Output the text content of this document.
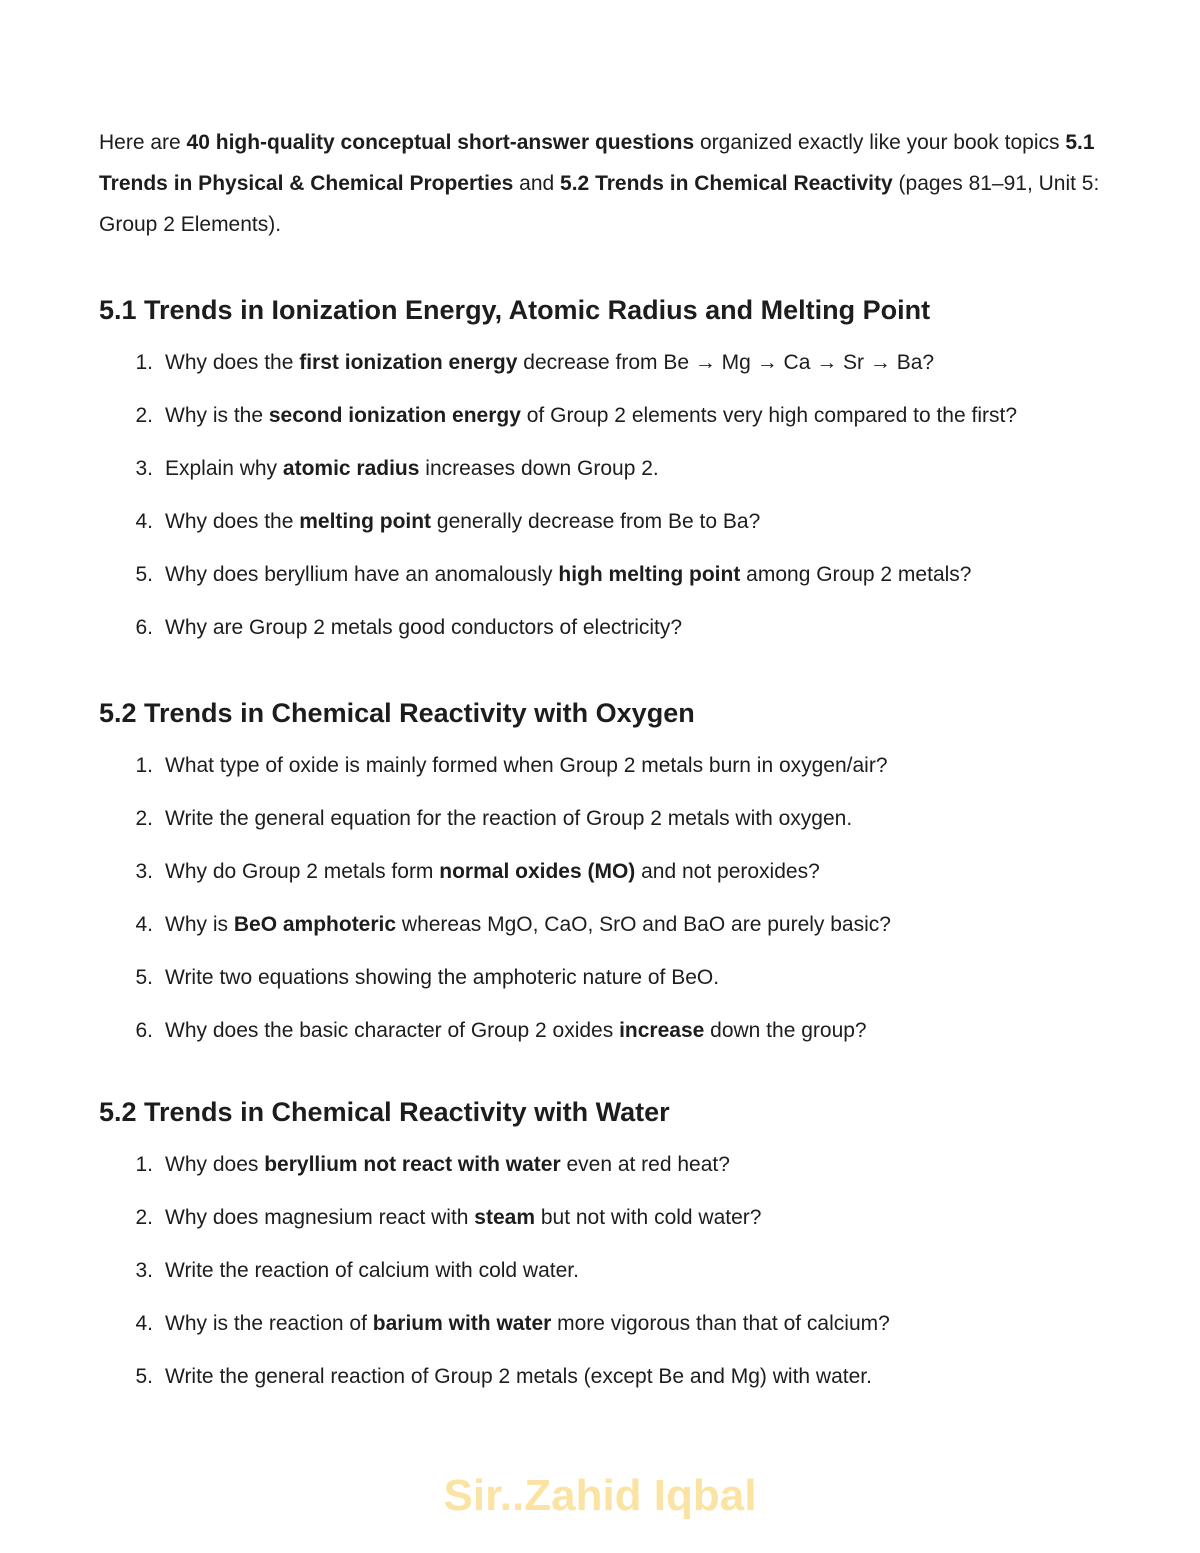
Here are 40 high-quality conceptual short-answer questions organized exactly like your book topics 5.1 Trends in Physical & Chemical Properties and 5.2 Trends in Chemical Reactivity (pages 81–91, Unit 5: Group 2 Elements).

5.1 Trends in Ionization Energy, Atomic Radius and Melting Point
1. Why does the first ionization energy decrease from Be → Mg → Ca → Sr → Ba?
2. Why is the second ionization energy of Group 2 elements very high compared to the first?
3. Explain why atomic radius increases down Group 2.
4. Why does the melting point generally decrease from Be to Ba?
5. Why does beryllium have an anomalously high melting point among Group 2 metals?
6. Why are Group 2 metals good conductors of electricity?
5.2 Trends in Chemical Reactivity with Oxygen
1. What type of oxide is mainly formed when Group 2 metals burn in oxygen/air?
2. Write the general equation for the reaction of Group 2 metals with oxygen.
3. Why do Group 2 metals form normal oxides (MO) and not peroxides?
4. Why is BeO amphoteric whereas MgO, CaO, SrO and BaO are purely basic?
5. Write two equations showing the amphoteric nature of BeO.
6. Why does the basic character of Group 2 oxides increase down the group?
5.2 Trends in Chemical Reactivity with Water
1. Why does beryllium not react with water even at red heat?
2. Why does magnesium react with steam but not with cold water?
3. Write the reaction of calcium with cold water.
4. Why is the reaction of barium with water more vigorous than that of calcium?
5. Write the general reaction of Group 2 metals (except Be and Mg) with water.
Sir..Zahid Iqbal
